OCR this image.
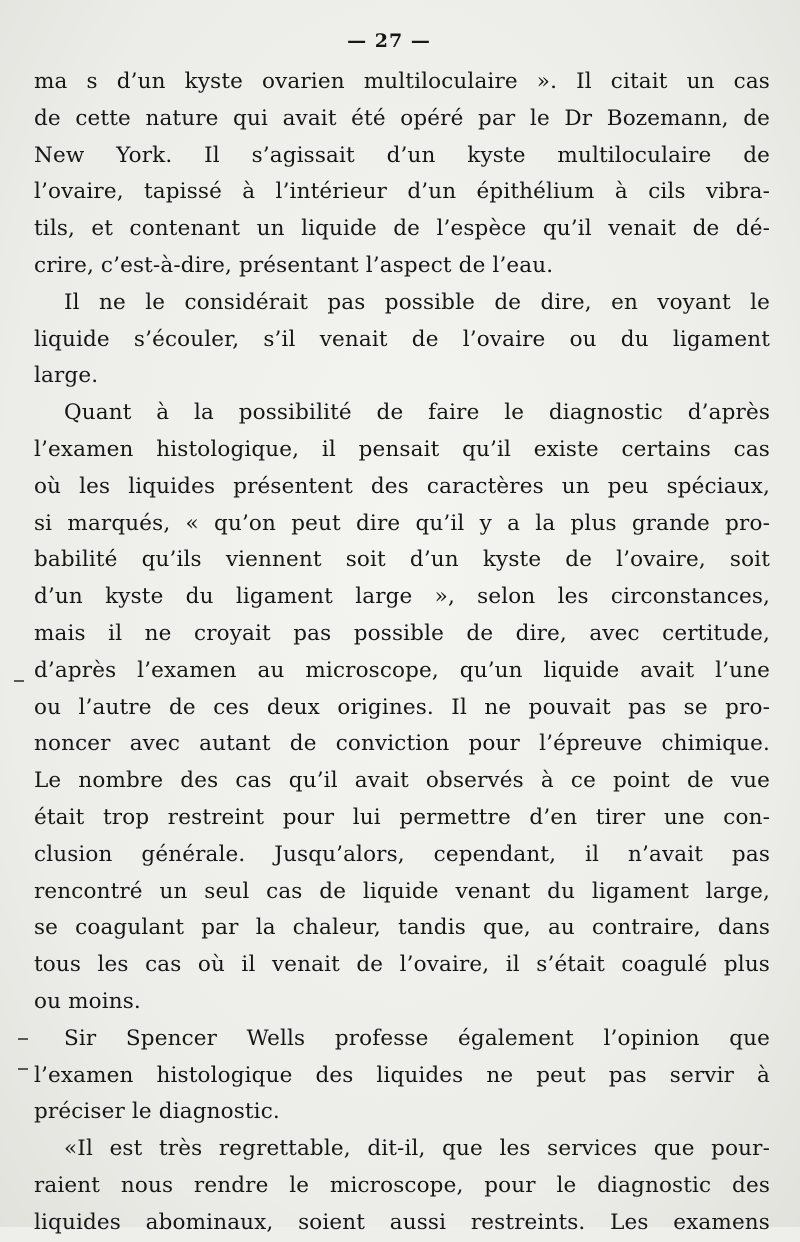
— 27 —
ma s d’un kyste ovarien multiloculaire ». Il citait un cas
de cette nature qui avait été opéré par le Dr Bozemann, de
New York. Il s’agissait d’un kyste multiloculaire de
l’ovaire, tapissé à l’intérieur d’un épithélium à cils vibra-
tils, et contenant un liquide de l’espèce qu’il venait de dé-
crire, c’est-à-dire, présentant l’aspect de l’eau.
Il ne le considérait pas possible de dire, en voyant le
liquide s’écouler, s’il venait de l’ovaire ou du ligament
large.
Quant à la possibilité de faire le diagnostic d’après
l’examen histologique, il pensait qu’il existe certains cas
où les liquides présentent des caractères un peu spéciaux,
si marqués, « qu’on peut dire qu’il y a la plus grande pro-
babilité qu’ils viennent soit d’un kyste de l’ovaire, soit
d’un kyste du ligament large », selon les circonstances,
mais il ne croyait pas possible de dire, avec certitude,
d’après l’examen au microscope, qu’un liquide avait l’une
ou l’autre de ces deux origines. Il ne pouvait pas se pro-
noncer avec autant de conviction pour l’épreuve chimique.
Le nombre des cas qu’il avait observés à ce point de vue
était trop restreint pour lui permettre d’en tirer une con-
clusion générale. Jusqu’alors, cependant, il n’avait pas
rencontré un seul cas de liquide venant du ligament large,
se coagulant par la chaleur, tandis que, au contraire, dans
tous les cas où il venait de l’ovaire, il s’était coagulé plus
ou moins.
Sir Spencer Wells professe également l’opinion que
l’examen histologique des liquides ne peut pas servir à
préciser le diagnostic.
«Il est très regrettable, dit-il, que les services que pour-
raient nous rendre le microscope, pour le diagnostic des
liquides abominaux, soient aussi restreints. Les examens
